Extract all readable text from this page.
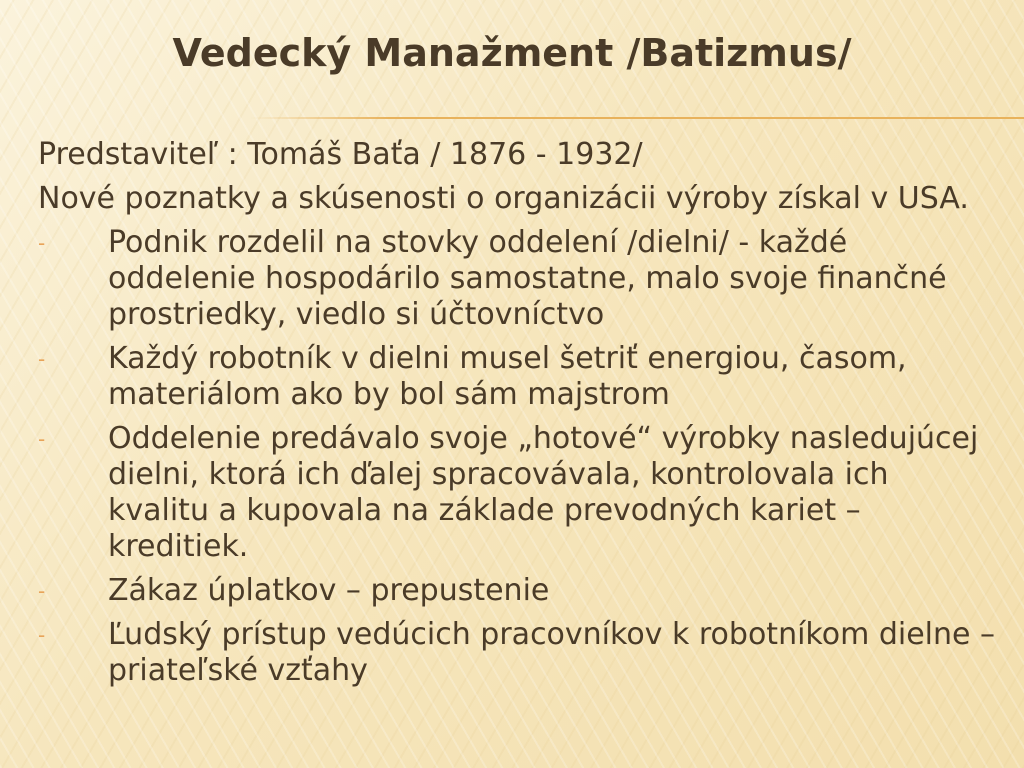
Vedecký Manažment /Batizmus/
Predstaviteľ : Tomáš Baťa / 1876 - 1932/
Nové poznatky a skúsenosti o organizácii výroby získal v USA.
- Podnik rozdelil na stovky oddelení /dielni/ - každé oddelenie hospodárilo samostatne, malo svoje finančné prostriedky, viedlo si účtovníctvo
- Každý robotník v dielni musel šetriť energiou, časom, materiálom ako by bol sám majstrom
- Oddelenie predávalo svoje „hotové“ výrobky nasledujúcej dielni, ktorá ich ďalej spracovávala, kontrolovala ich kvalitu a kupovala na základe prevodných kariet – kreditiek.
- Zákaz úplatkov – prepustenie
- Ľudský prístup vedúcich pracovníkov k robotníkom dielne – priateľské vzťahy
